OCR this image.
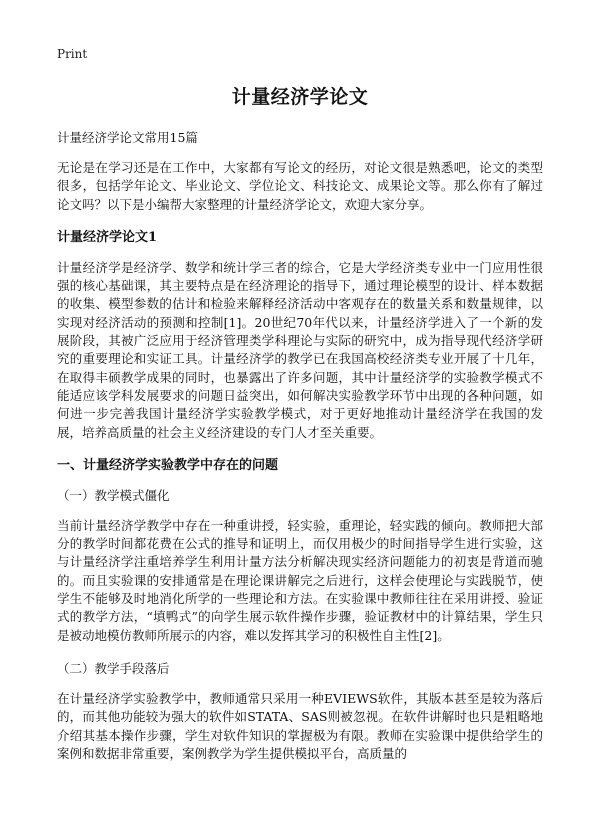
Print
计量经济学论文
计量经济学论文常用15篇

无论是在学习还是在工作中，大家都有写论文的经历，对论文很是熟悉吧，论文的类型很多，包括学年论文、毕业论文、学位论文、科技论文、成果论文等。那么你有了解过论文吗？以下是小编帮大家整理的计量经济学论文，欢迎大家分享。

计量经济学论文1

计量经济学是经济学、数学和统计学三者的综合，它是大学经济类专业中一门应用性很强的核心基础课，其主要特点是在经济理论的指导下，通过理论模型的设计、样本数据的收集、模型参数的估计和检验来解释经济活动中客观存在的数量关系和数量规律，以实现对经济活动的预测和控制[1]。20世纪70年代以来，计量经济学进入了一个新的发展阶段，其被广泛应用于经济管理类学科理论与实际的研究中，成为指导现代经济学研究的重要理论和实证工具。计量经济学的教学已在我国高校经济类专业开展了十几年，在取得丰硕教学成果的同时，也暴露出了许多问题，其中计量经济学的实验教学模式不能适应该学科发展要求的问题日益突出，如何解决实验教学环节中出现的各种问题，如何进一步完善我国计量经济学实验教学模式，对于更好地推动计量经济学在我国的发展，培养高质量的社会主义经济建设的专门人才至关重要。

一、计量经济学实验教学中存在的问题
（一）教学模式僵化

当前计量经济学教学中存在一种重讲授，轻实验，重理论，轻实践的倾向。教师把大部分的教学时间都花费在公式的推导和证明上，而仅用极少的时间指导学生进行实验，这与计量经济学注重培养学生利用计量方法分析解决现实经济问题能力的初衷是背道而驰的。而且实验课的安排通常是在理论课讲解完之后进行，这样会使理论与实践脱节，使学生不能够及时地消化所学的一些理论和方法。在实验课中教师往往在采用讲授、验证式的教学方法，“填鸭式”的向学生展示软件操作步骤，验证教材中的计算结果，学生只是被动地模仿教师所展示的内容，难以发挥其学习的积极性自主性[2]。

（二）教学手段落后

在计量经济学实验教学中，教师通常只采用一种EVIEWS软件，其版本甚至是较为落后的，而其他功能较为强大的软件如STATA、SAS则被忽视。在软件讲解时也只是粗略地介绍其基本操作步骤，学生对软件知识的掌握极为有限。教师在实验课中提供给学生的案例和数据非常重要，案例教学为学生提供模拟平台，高质量的
